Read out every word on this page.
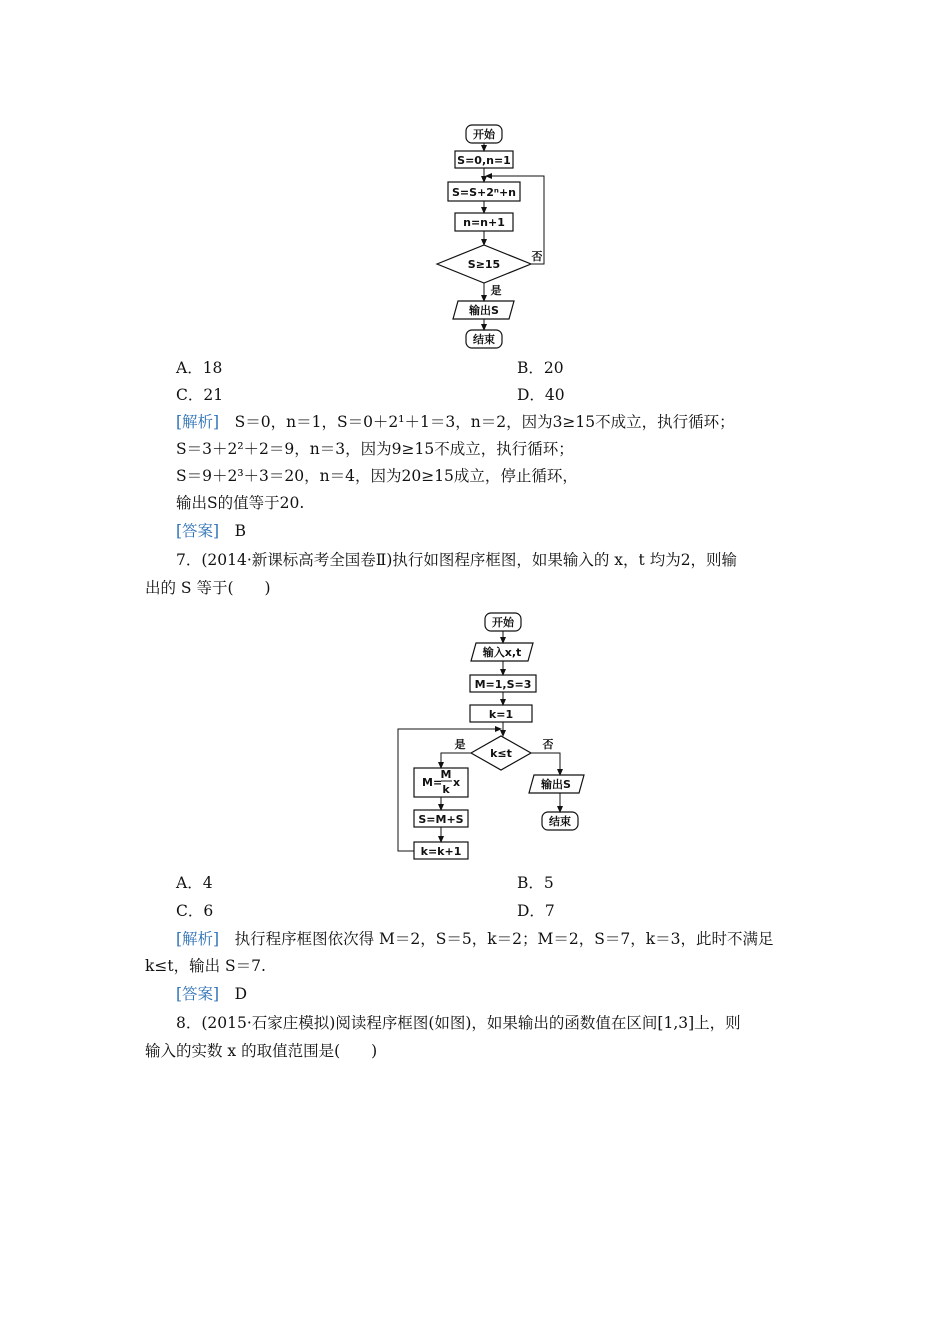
开始
S=0,n=1
S=S+2ⁿ+n
n=n+1
S≥15
否
是
输出S
结束
A．18	B．20
C．21	D．40
[解析]　 S＝0，n＝1，S＝0＋2¹＋1＝3，n＝2，因为3≥15不成立，执行循环；
S＝3＋2²＋2＝9，n＝3，因为9≥15不成立，执行循环；
S＝9＋2³＋3＝20，n＝4，因为20≥15成立，停止循环，
输出S的值等于20.
[答案]　 B
7．(2014·新课标高考全国卷Ⅱ)执行如图程序框图，如果输入的 x，t 均为2，则输
出的 S 等于(　　)
开始
输入x,t
M=1,S=3
k=1
k≤t
是	否
M=
M
k
x
S=M+S
k=k+1
输出S
结束
A．4	B．5
C．6	D．7
[解析]　 执行程序框图依次得 M＝2，S＝5，k＝2；M＝2，S＝7，k＝3，此时不满足
k≤t，输出 S＝7.
[答案]　 D
8．(2015·石家庄模拟)阅读程序框图(如图)，如果输出的函数值在区间[1,3]上，则
输入的实数 x 的取值范围是(　　)
